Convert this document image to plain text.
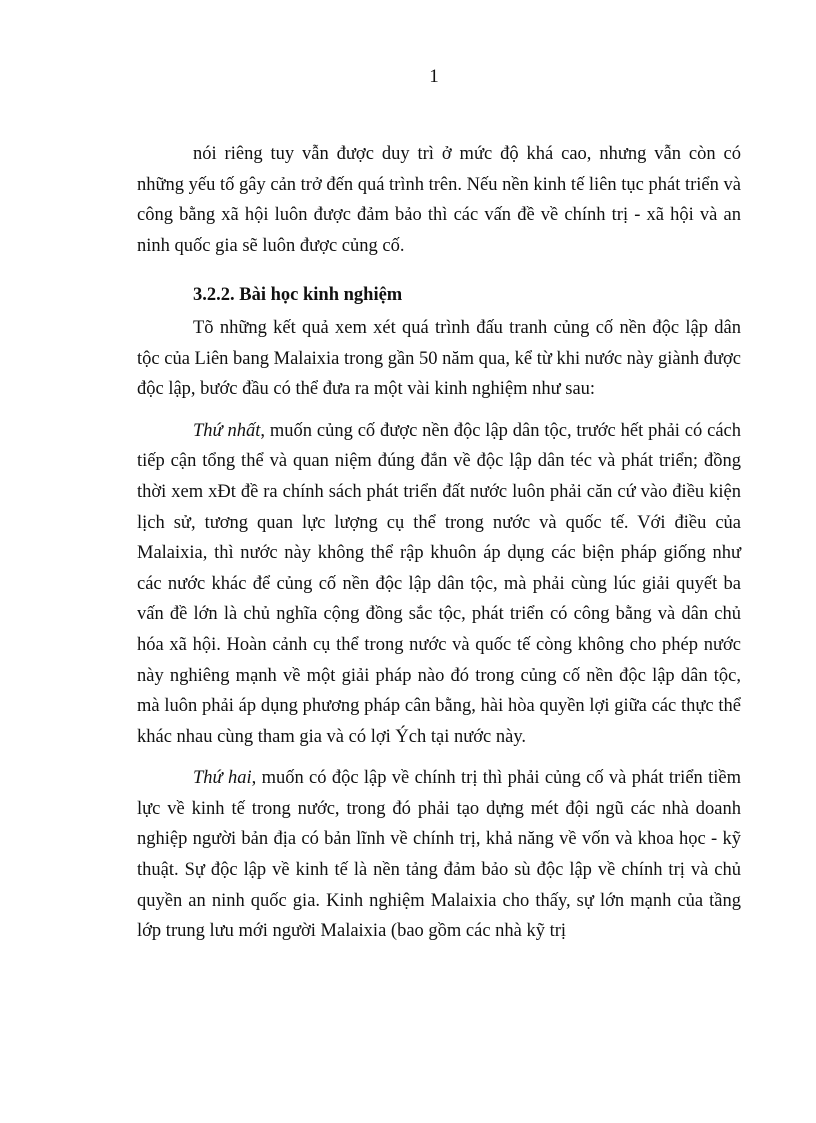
1

nói riêng tuy vẫn được duy trì ở mức độ khá cao, nhưng vẫn còn có những yếu tố gây cản trở đến quá trình trên. Nếu nền kinh tế liên tục phát triển và công bằng xã hội luôn được đảm bảo thì các vấn đề về chính trị - xã hội và an ninh quốc gia sẽ luôn được củng cố.

3.2.2. Bài học kinh nghiệm

Tõ những kết quả xem xét quá trình đấu tranh củng cố nền độc lập dân tộc của Liên bang Malaixia trong gần 50 năm qua, kể từ khi nước này giành được độc lập, bước đầu có thể đưa ra một vài kinh nghiệm như sau:

Thứ nhất, muốn củng cố được nền độc lập dân tộc, trước hết phải có cách tiếp cận tổng thể và quan niệm đúng đắn về độc lập dân téc và phát triển; đồng thời xem xÐt đề ra chính sách phát triển đất nước luôn phải căn cứ vào điều kiện lịch sử, tương quan lực lượng cụ thể trong nước và quốc tế. Với điều của Malaixia, thì nước này không thể rập khuôn áp dụng các biện pháp giống như các nước khác để củng cố nền độc lập dân tộc, mà phải cùng lúc giải quyết ba vấn đề lớn là chủ nghĩa cộng đồng sắc tộc, phát triển có công bằng và dân chủ hóa xã hội. Hoàn cảnh cụ thể trong nước và quốc tế còng không cho phép nước này nghiêng mạnh về một giải pháp nào đó trong củng cố nền độc lập dân tộc, mà luôn phải áp dụng phương pháp cân bằng, hài hòa quyền lợi giữa các thực thể khác nhau cùng tham gia và có lợi Ých tại nước này.

Thứ hai, muốn có độc lập về chính trị thì phải củng cố và phát triển tiềm lực về kinh tế trong nước, trong đó phải tạo dựng mét đội ngũ các nhà doanh nghiệp người bản địa có bản lĩnh về chính trị, khả năng về vốn và khoa học - kỹ thuật. Sự độc lập về kinh tế là nền tảng đảm bảo sù độc lập về chính trị và chủ quyền an ninh quốc gia. Kinh nghiệm Malaixia cho thấy, sự lớn mạnh của tầng lớp trung lưu mới người Malaixia (bao gồm các nhà kỹ trị
